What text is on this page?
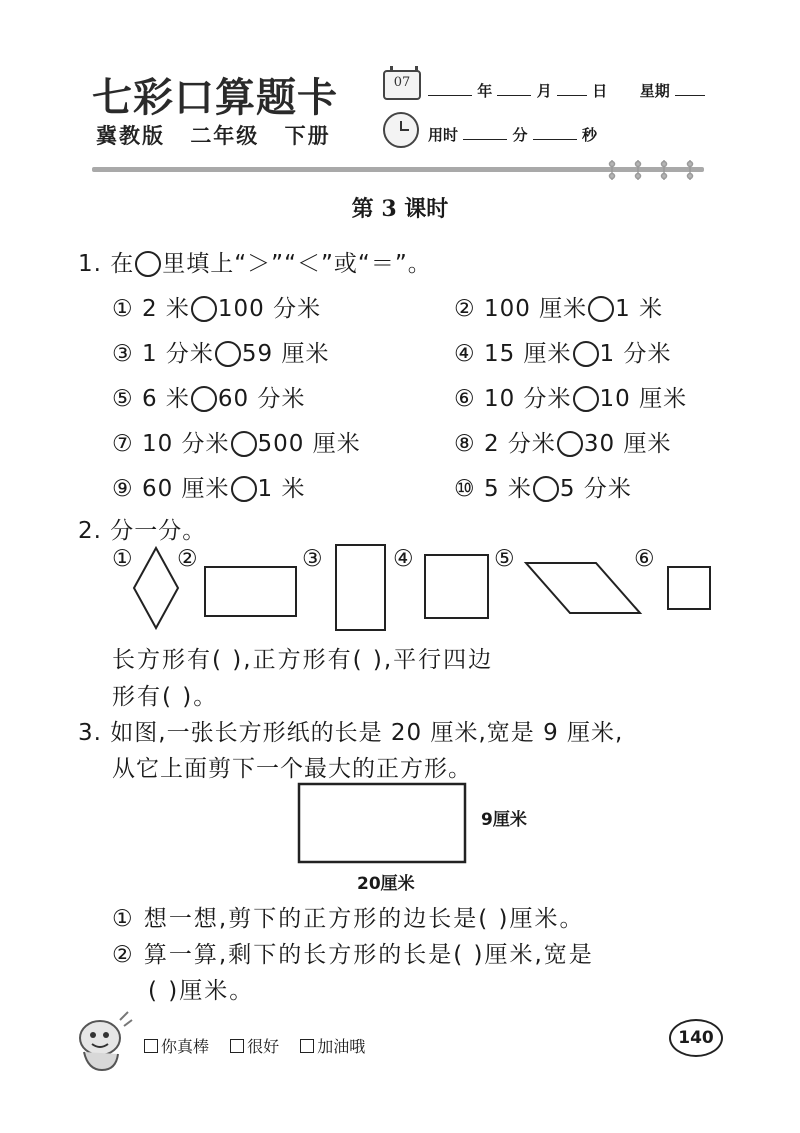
七彩口算题卡
冀教版 二年级 下册
07	年	月	日 星期
用时	分	秒
第 3 课时
1. 在 里填上“＞”“＜”或“＝”。
① 2 米 100 分米	② 100 厘米 1 米
③ 1 分米 59 厘米	④ 15 厘米 1 分米
⑤ 6 米 60 分米	⑥ 10 分米 10 厘米
⑦ 10 分米 500 厘米	⑧ 2 分米 30 厘米
⑨ 60 厘米 1 米	⑩ 5 米 5 分米
2. 分一分。
① ②	③	④	⑤	⑥
长方形有( ),正方形有( ),平行四边
形有( )。
3. 如图,一张长方形纸的长是 20 厘米,宽是 9 厘米,
从它上面剪下一个最大的正方形。
9厘米
20厘米
① 想一想,剪下的正方形的边长是( )厘米。
② 算一算,剩下的长方形的长是( )厘米,宽是
( )厘米。
你真棒 很好 加油哦	140
